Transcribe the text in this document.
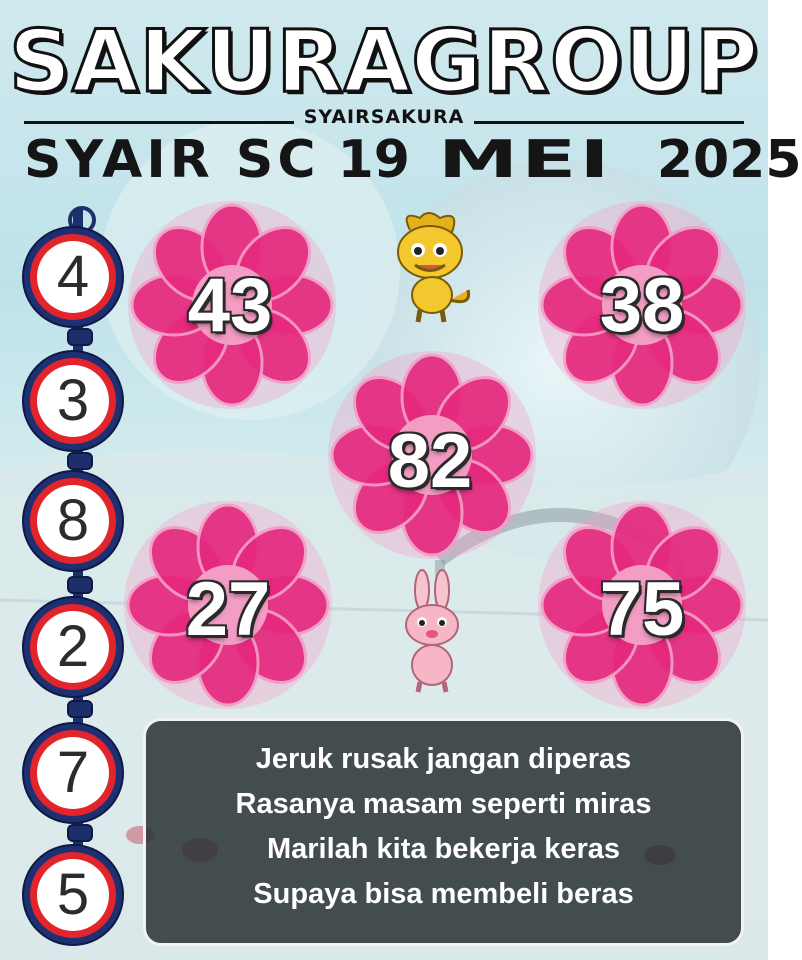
SAKURAGROUP
SYAIRSAKURA
SYAIR SC 19 MEI 2025
4
3
8
2
7
5
43	38
82
27	75
Jeruk rusak jangan diperas
Rasanya masam seperti miras
Marilah kita bekerja keras
Supaya bisa membeli beras
